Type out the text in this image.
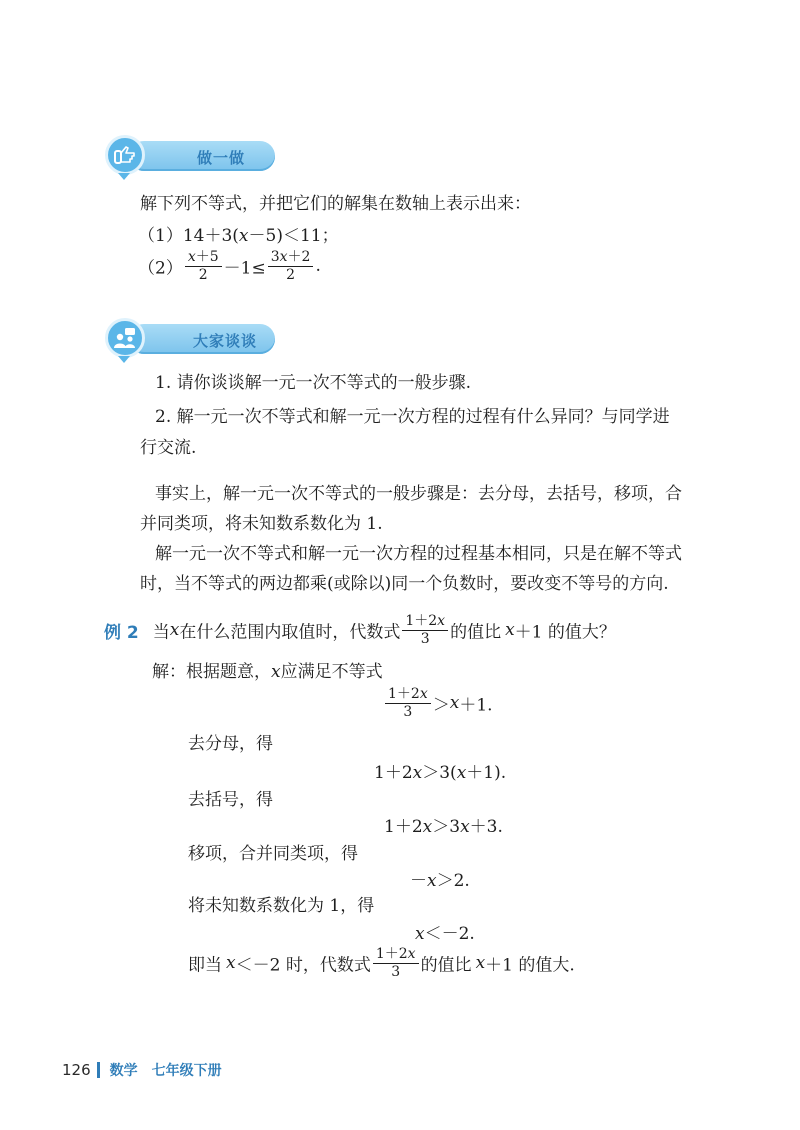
做一做
解下列不等式，并把它们的解集在数轴上表示出来：
（1）14＋3(x－5)＜11；
$(2) \frac{x+5}{2} -1\le \frac{3x+2}{2}$ .
大家谈谈
1. 请你谈谈解一元一次不等式的一般步骤.
2. 解一元一次不等式和解一元一次方程的过程有什么异同？与同学进
行交流.
事实上，解一元一次不等式的一般步骤是：去分母，去括号，移项，合
并同类项，将未知数系数化为 1.
解一元一次不等式和解一元一次方程的过程基本相同，只是在解不等式
时，当不等式的两边都乘(或除以)同一个负数时，要改变不等号的方向.
例 2 当x在什么范围内取值时，代数式 $\frac{1+2x}{3}$ 的值比 x＋1 的值大？
解：根据题意，x应满足不等式
$\frac{1+2x}{3} >x+1$.
去分母，得
1＋2x＞3(x＋1).
去括号，得
1＋2x＞3x＋3.
移项，合并同类项，得
－x＞2.
将未知数系数化为 1，得
x＜－2.
即当 x＜－2 时，代数式 $\frac{1+2x}{3}$ 的值比 x＋1 的值大.
126 数学 七年级下册
